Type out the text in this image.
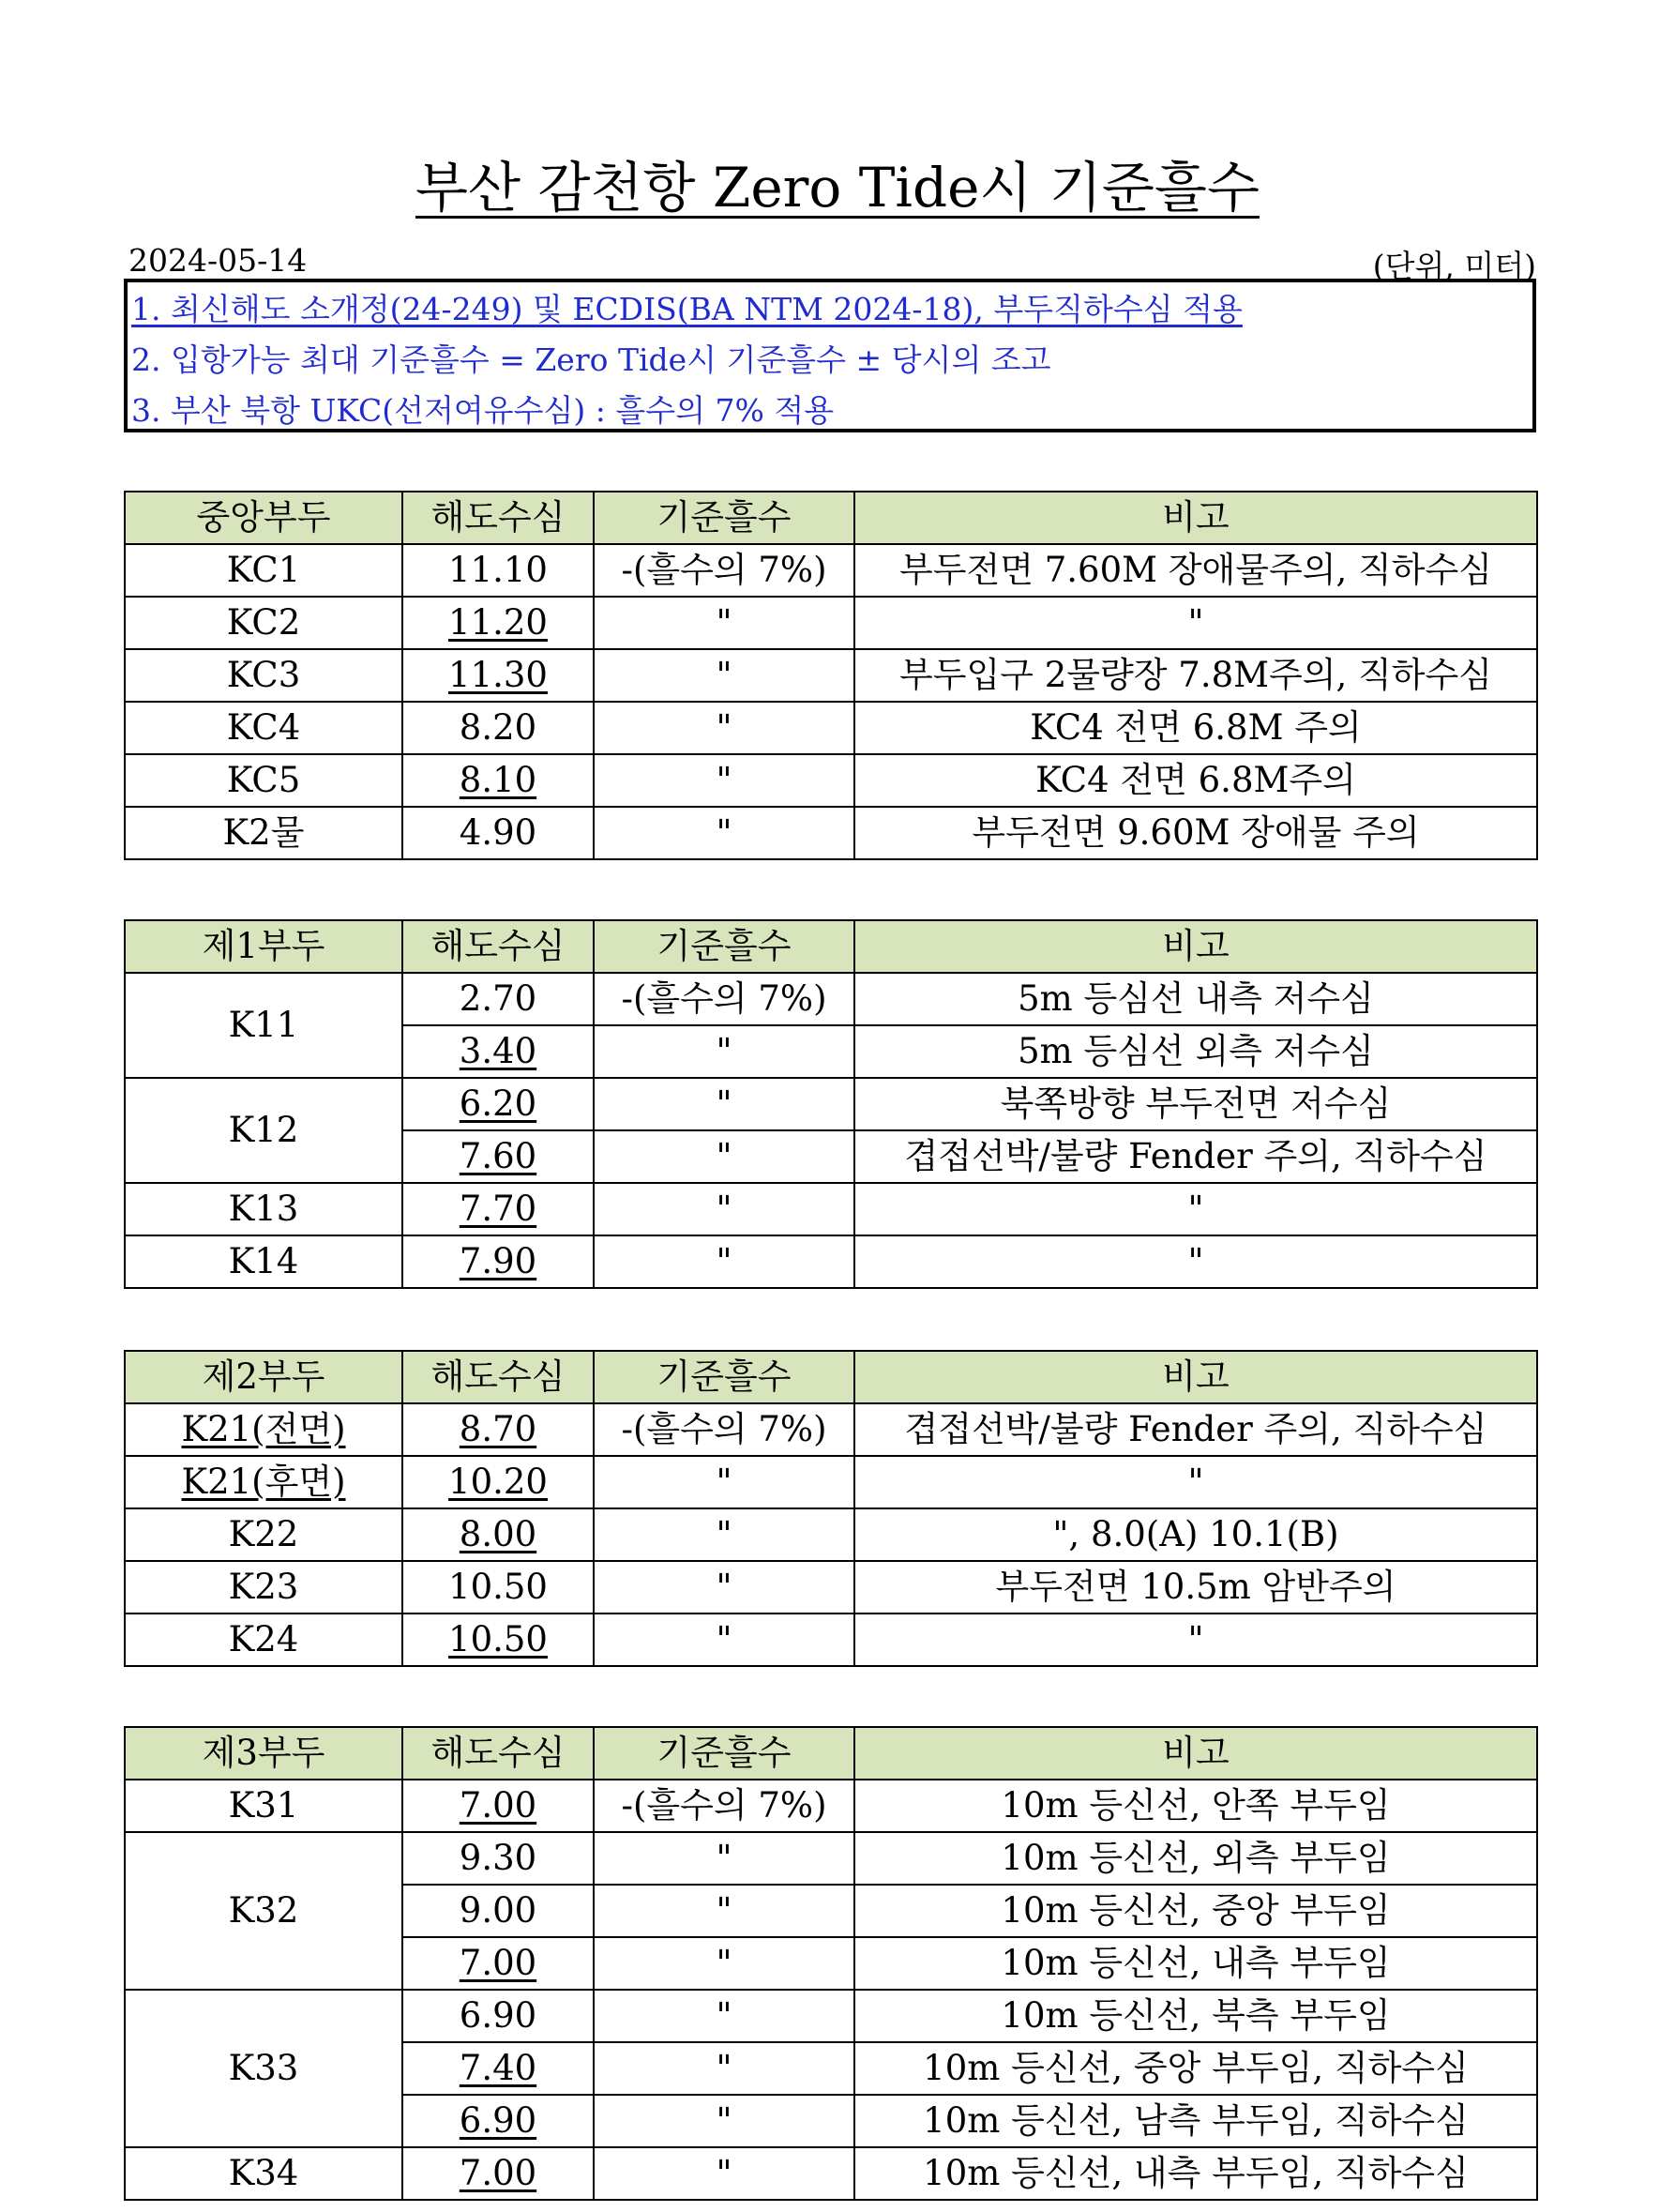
부산 감천항 Zero Tide시 기준흘수
2024-05-14	(단위, 미터)
1. 최신해도 소개정(24-249) 및 ECDIS(BA NTM 2024-18), 부두직하수심 적용
2. 입항가능 최대 기준흘수 = Zero Tide시 기준흘수 ± 당시의 조고
3. 부산 북항 UKC(선저여유수심) : 흘수의 7% 적용
중앙부두	해도수심	기준흘수	비고
KC1	11.10	-(흘수의 7%)	부두전면 7.60M 장애물주의, 직하수심
KC2	11.20	"	"
KC3	11.30	"	부두입구 2물량장 7.8M주의, 직하수심
KC4	8.20	"	KC4 전면 6.8M 주의
KC5	8.10	"	KC4 전면 6.8M주의
K2물	4.90	"	부두전면 9.60M 장애물 주의
제1부두	해도수심	기준흘수	비고
K11	2.70	-(흘수의 7%)	5m 등심선 내측 저수심
	3.40	"	5m 등심선 외측 저수심
K12	6.20	"	북쪽방향 부두전면 저수심
	7.60	"	겹접선박/불량 Fender 주의, 직하수심
K13	7.70	"	"
K14	7.90	"	"
제2부두	해도수심	기준흘수	비고
K21(전면)	8.70	-(흘수의 7%)	겹접선박/불량 Fender 주의, 직하수심
K21(후면)	10.20	"	"
K22	8.00	"	", 8.0(A) 10.1(B)
K23	10.50	"	부두전면 10.5m 암반주의
K24	10.50	"	"
제3부두	해도수심	기준흘수	비고
K31	7.00	-(흘수의 7%)	10m 등신선, 안쪽 부두임
K32	9.30	"	10m 등신선, 외측 부두임
	9.00	"	10m 등신선, 중앙 부두임
	7.00	"	10m 등신선, 내측 부두임
K33	6.90	"	10m 등신선, 북측 부두임
	7.40	"	10m 등신선, 중앙 부두임, 직하수심
	6.90	"	10m 등신선, 남측 부두임, 직하수심
K34	7.00	"	10m 등신선, 내측 부두임, 직하수심
